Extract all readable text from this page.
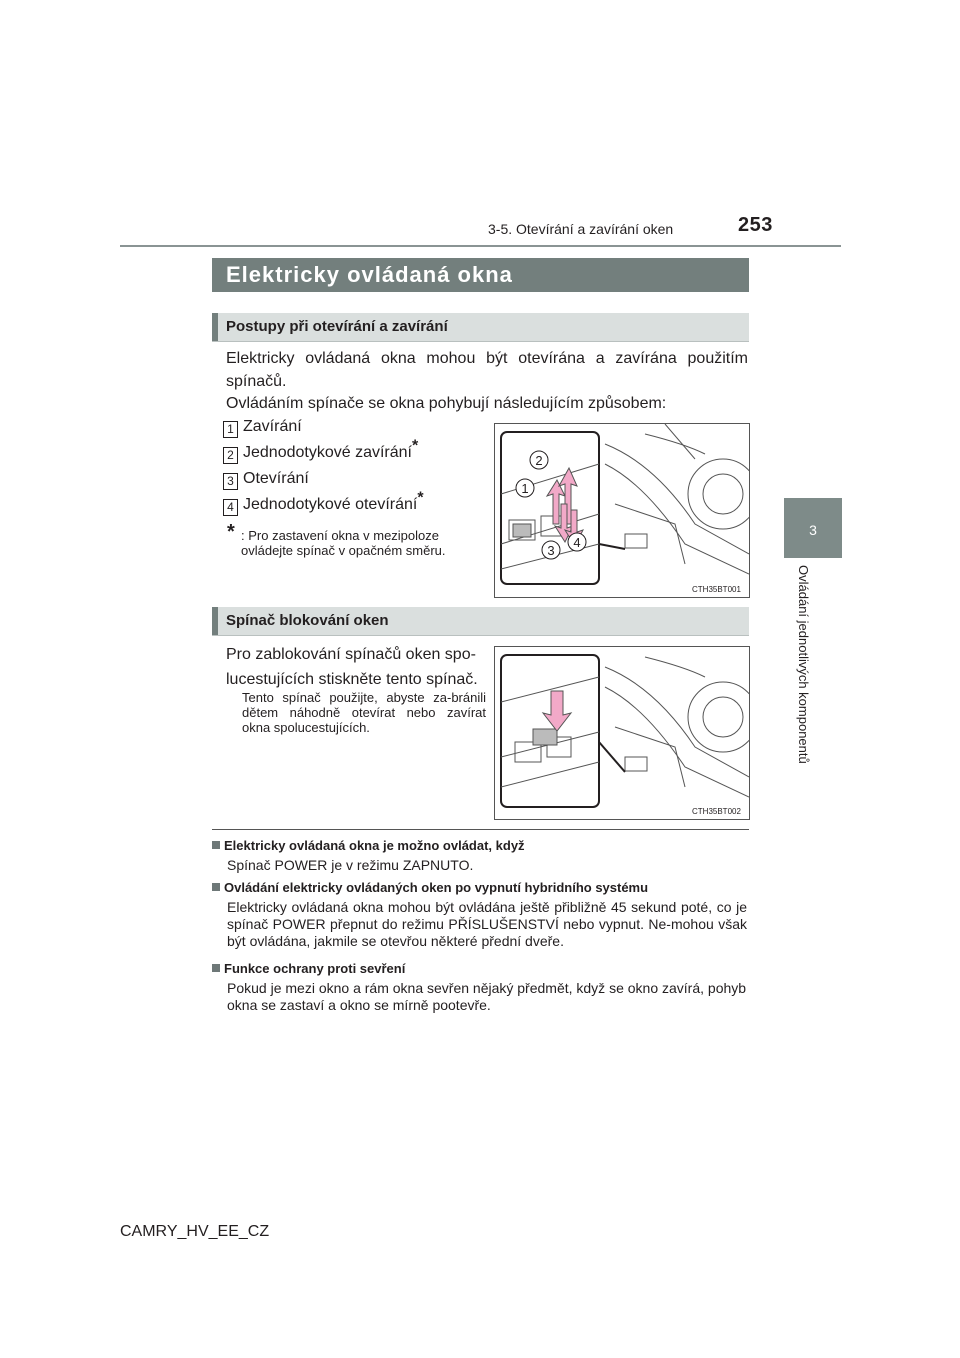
3-5. Otevírání a zavírání oken	253
3
Ovládání jednotlivých komponentů
Elektricky ovládaná okna
Postupy při otevírání a zavírání
Elektricky ovládaná okna mohou být otevírána a zavírána použitím spínačů.
Ovládáním spínače se okna pohybují následujícím způsobem:
1 Zavírání
2 Jednodotykové zavírání*
3 Otevírání
4 Jednodotykové otevírání*
* : Pro zastavení okna v mezipoloze ovládejte spínač v opačném směru.
2
1
3
4
CTH35BT001
Spínač blokování oken
Pro zablokování spínačů oken spo-lucestujících stiskněte tento spínač.
Tento spínač použijte, abyste za-bránili dětem náhodně otevírat nebo zavírat okna spolucestujících.
CTH35BT002
Elektricky ovládaná okna je možno ovládat, když
Spínač POWER je v režimu ZAPNUTO.
Ovládání elektricky ovládaných oken po vypnutí hybridního systému
Elektricky ovládaná okna mohou být ovládána ještě přibližně 45 sekund poté, co je spínač POWER přepnut do režimu PŘÍSLUŠENSTVÍ nebo vypnut. Ne-mohou však být ovládána, jakmile se otevřou některé přední dveře.
Funkce ochrany proti sevření
Pokud je mezi okno a rám okna sevřen nějaký předmět, když se okno zavírá, pohyb okna se zastaví a okno se mírně pootevře.
CAMRY_HV_EE_CZ
